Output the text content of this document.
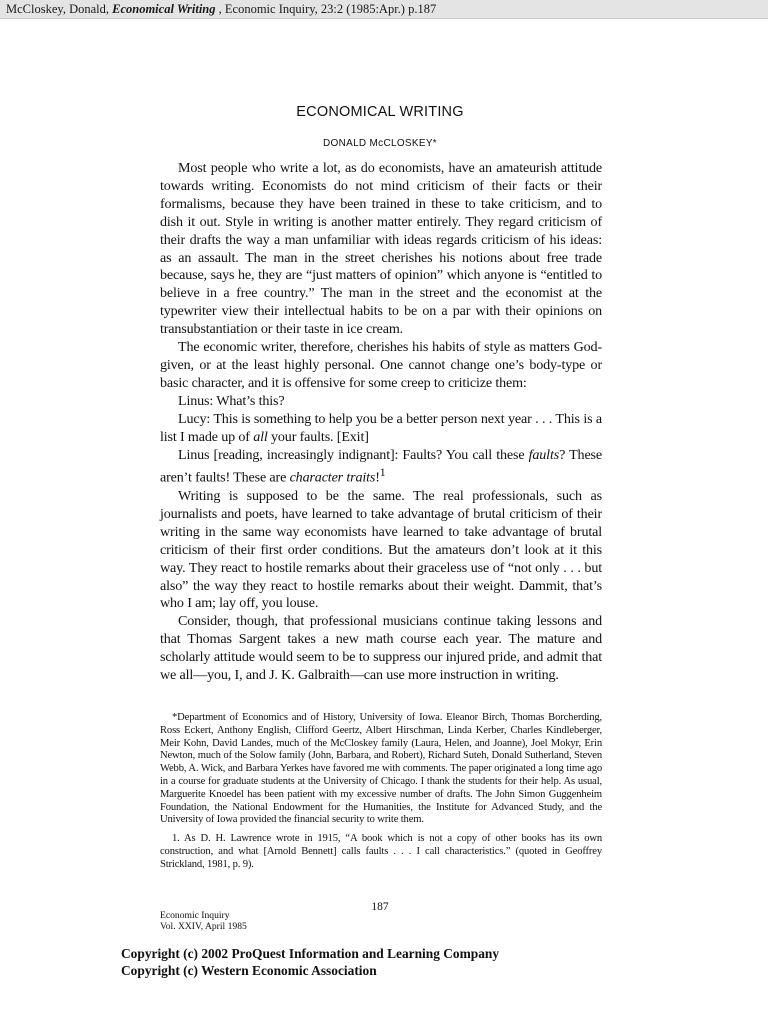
McCloskey, Donald, Economical Writing , Economic Inquiry, 23:2 (1985:Apr.) p.187
ECONOMICAL WRITING
DONALD McCLOSKEY*

Most people who write a lot, as do economists, have an amateurish attitude towards writing. Economists do not mind criticism of their facts or their formalisms, because they have been trained in these to take criticism, and to dish it out. Style in writing is another matter entirely. They regard criticism of their drafts the way a man unfamiliar with ideas regards criticism of his ideas: as an assault. The man in the street cherishes his notions about free trade because, says he, they are “just matters of opinion” which anyone is “entitled to believe in a free country.” The man in the street and the economist at the typewriter view their intellectual habits to be on a par with their opinions on transubstantiation or their taste in ice cream.

The economic writer, therefore, cherishes his habits of style as matters God-given, or at the least highly personal. One cannot change one’s body-type or basic character, and it is offensive for some creep to criticize them:

Linus: What’s this?

Lucy: This is something to help you be a better person next year . . . This is a list I made up of all your faults. [Exit]

Linus [reading, increasingly indignant]: Faults? You call these faults? These aren’t faults! These are character traits!$^1$

Writing is supposed to be the same. The real professionals, such as journalists and poets, have learned to take advantage of brutal criticism of their writing in the same way economists have learned to take advantage of brutal criticism of their first order conditions. But the amateurs don’t look at it this way. They react to hostile remarks about their graceless use of “not only . . . but also” the way they react to hostile remarks about their weight. Dammit, that’s who I am; lay off, you louse.

Consider, though, that professional musicians continue taking lessons and that Thomas Sargent takes a new math course each year. The mature and scholarly attitude would seem to be to suppress our injured pride, and admit that we all—you, I, and J. K. Galbraith—can use more instruction in writing.

*Department of Economics and of History, University of Iowa. Eleanor Birch, Thomas Borcherding, Ross Eckert, Anthony English, Clifford Geertz, Albert Hirschman, Linda Kerber, Charles Kindleberger, Meir Kohn, David Landes, much of the McCloskey family (Laura, Helen, and Joanne), Joel Mokyr, Erin Newton, much of the Solow family (John, Barbara, and Robert), Richard Suteh, Donald Sutherland, Steven Webb, A. Wick, and Barbara Yerkes have favored me with comments. The paper originated a long time ago in a course for graduate students at the University of Chicago. I thank the students for their help. As usual, Marguerite Knoedel has been patient with my excessive number of drafts. The John Simon Guggenheim Foundation, the National Endowment for the Humanities, the Institute for Advanced Study, and the University of Iowa provided the financial security to write them.

1. As D. H. Lawrence wrote in 1915, “A book which is not a copy of other books has its own construction, and what [Arnold Bennett] calls faults . . . I call characteristics.” (quoted in Geoffrey Strickland, 1981, p. 9).

187
Economic Inquiry
Vol. XXIV, April 1985
Copyright (c) 2002 ProQuest Information and Learning Company
Copyright (c) Western Economic Association
